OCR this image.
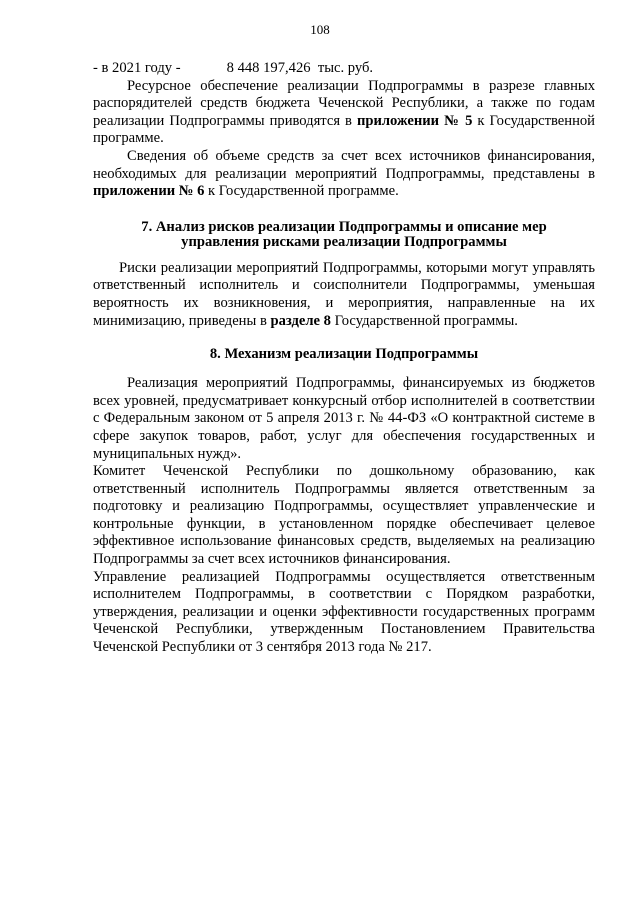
108

- в 2021 году -	8 448 197,426 тыс. руб.

Ресурсное обеспечение реализации Подпрограммы в разрезе главных распорядителей средств бюджета Чеченской Республики, а также по годам реализации Подпрограммы приводятся в приложении № 5 к Государственной программе.

Сведения об объеме средств за счет всех источников финансирования, необходимых для реализации мероприятий Подпрограммы, представлены в приложении № 6 к Государственной программе.

7. Анализ рисков реализации Подпрограммы и описание мер
управления рисками реализации Подпрограммы

Риски реализации мероприятий Подпрограммы, которыми могут управлять ответственный исполнитель и соисполнители Подпрограммы, уменьшая вероятность их возникновения, и мероприятия, направленные на их минимизацию, приведены в разделе 8 Государственной программы.

8. Механизм реализации Подпрограммы

Реализация мероприятий Подпрограммы, финансируемых из бюджетов всех уровней, предусматривает конкурсный отбор исполнителей в соответствии с Федеральным законом от 5 апреля 2013 г. № 44-ФЗ «О контрактной системе в сфере закупок товаров, работ, услуг для обеспечения государственных и муниципальных нужд».

Комитет Чеченской Республики по дошкольному образованию, как ответственный исполнитель Подпрограммы является ответственным за подготовку и реализацию Подпрограммы, осуществляет управленческие и контрольные функции, в установленном порядке обеспечивает целевое эффективное использование финансовых средств, выделяемых на реализацию Подпрограммы за счет всех источников финансирования.

Управление реализацией Подпрограммы осуществляется ответственным исполнителем Подпрограммы, в соответствии с Порядком разработки, утверждения, реализации и оценки эффективности государственных программ Чеченской Республики, утвержденным Постановлением Правительства Чеченской Республики от 3 сентября 2013 года № 217.
